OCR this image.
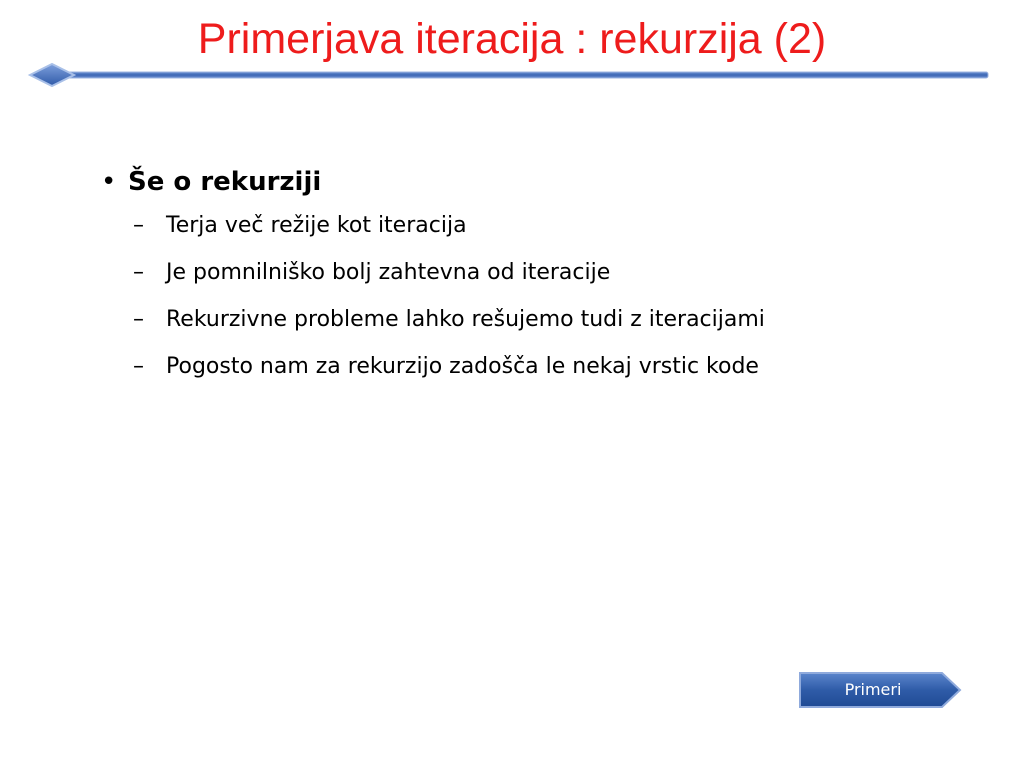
Primerjava iteracija : rekurzija (2)
• Še o rekurziji
– Terja več režije kot iteracija
– Je pomnilniško bolj zahtevna od iteracije
– Rekurzivne probleme lahko rešujemo tudi z iteracijami
– Pogosto nam za rekurzijo zadošča le nekaj vrstic kode
Primeri
